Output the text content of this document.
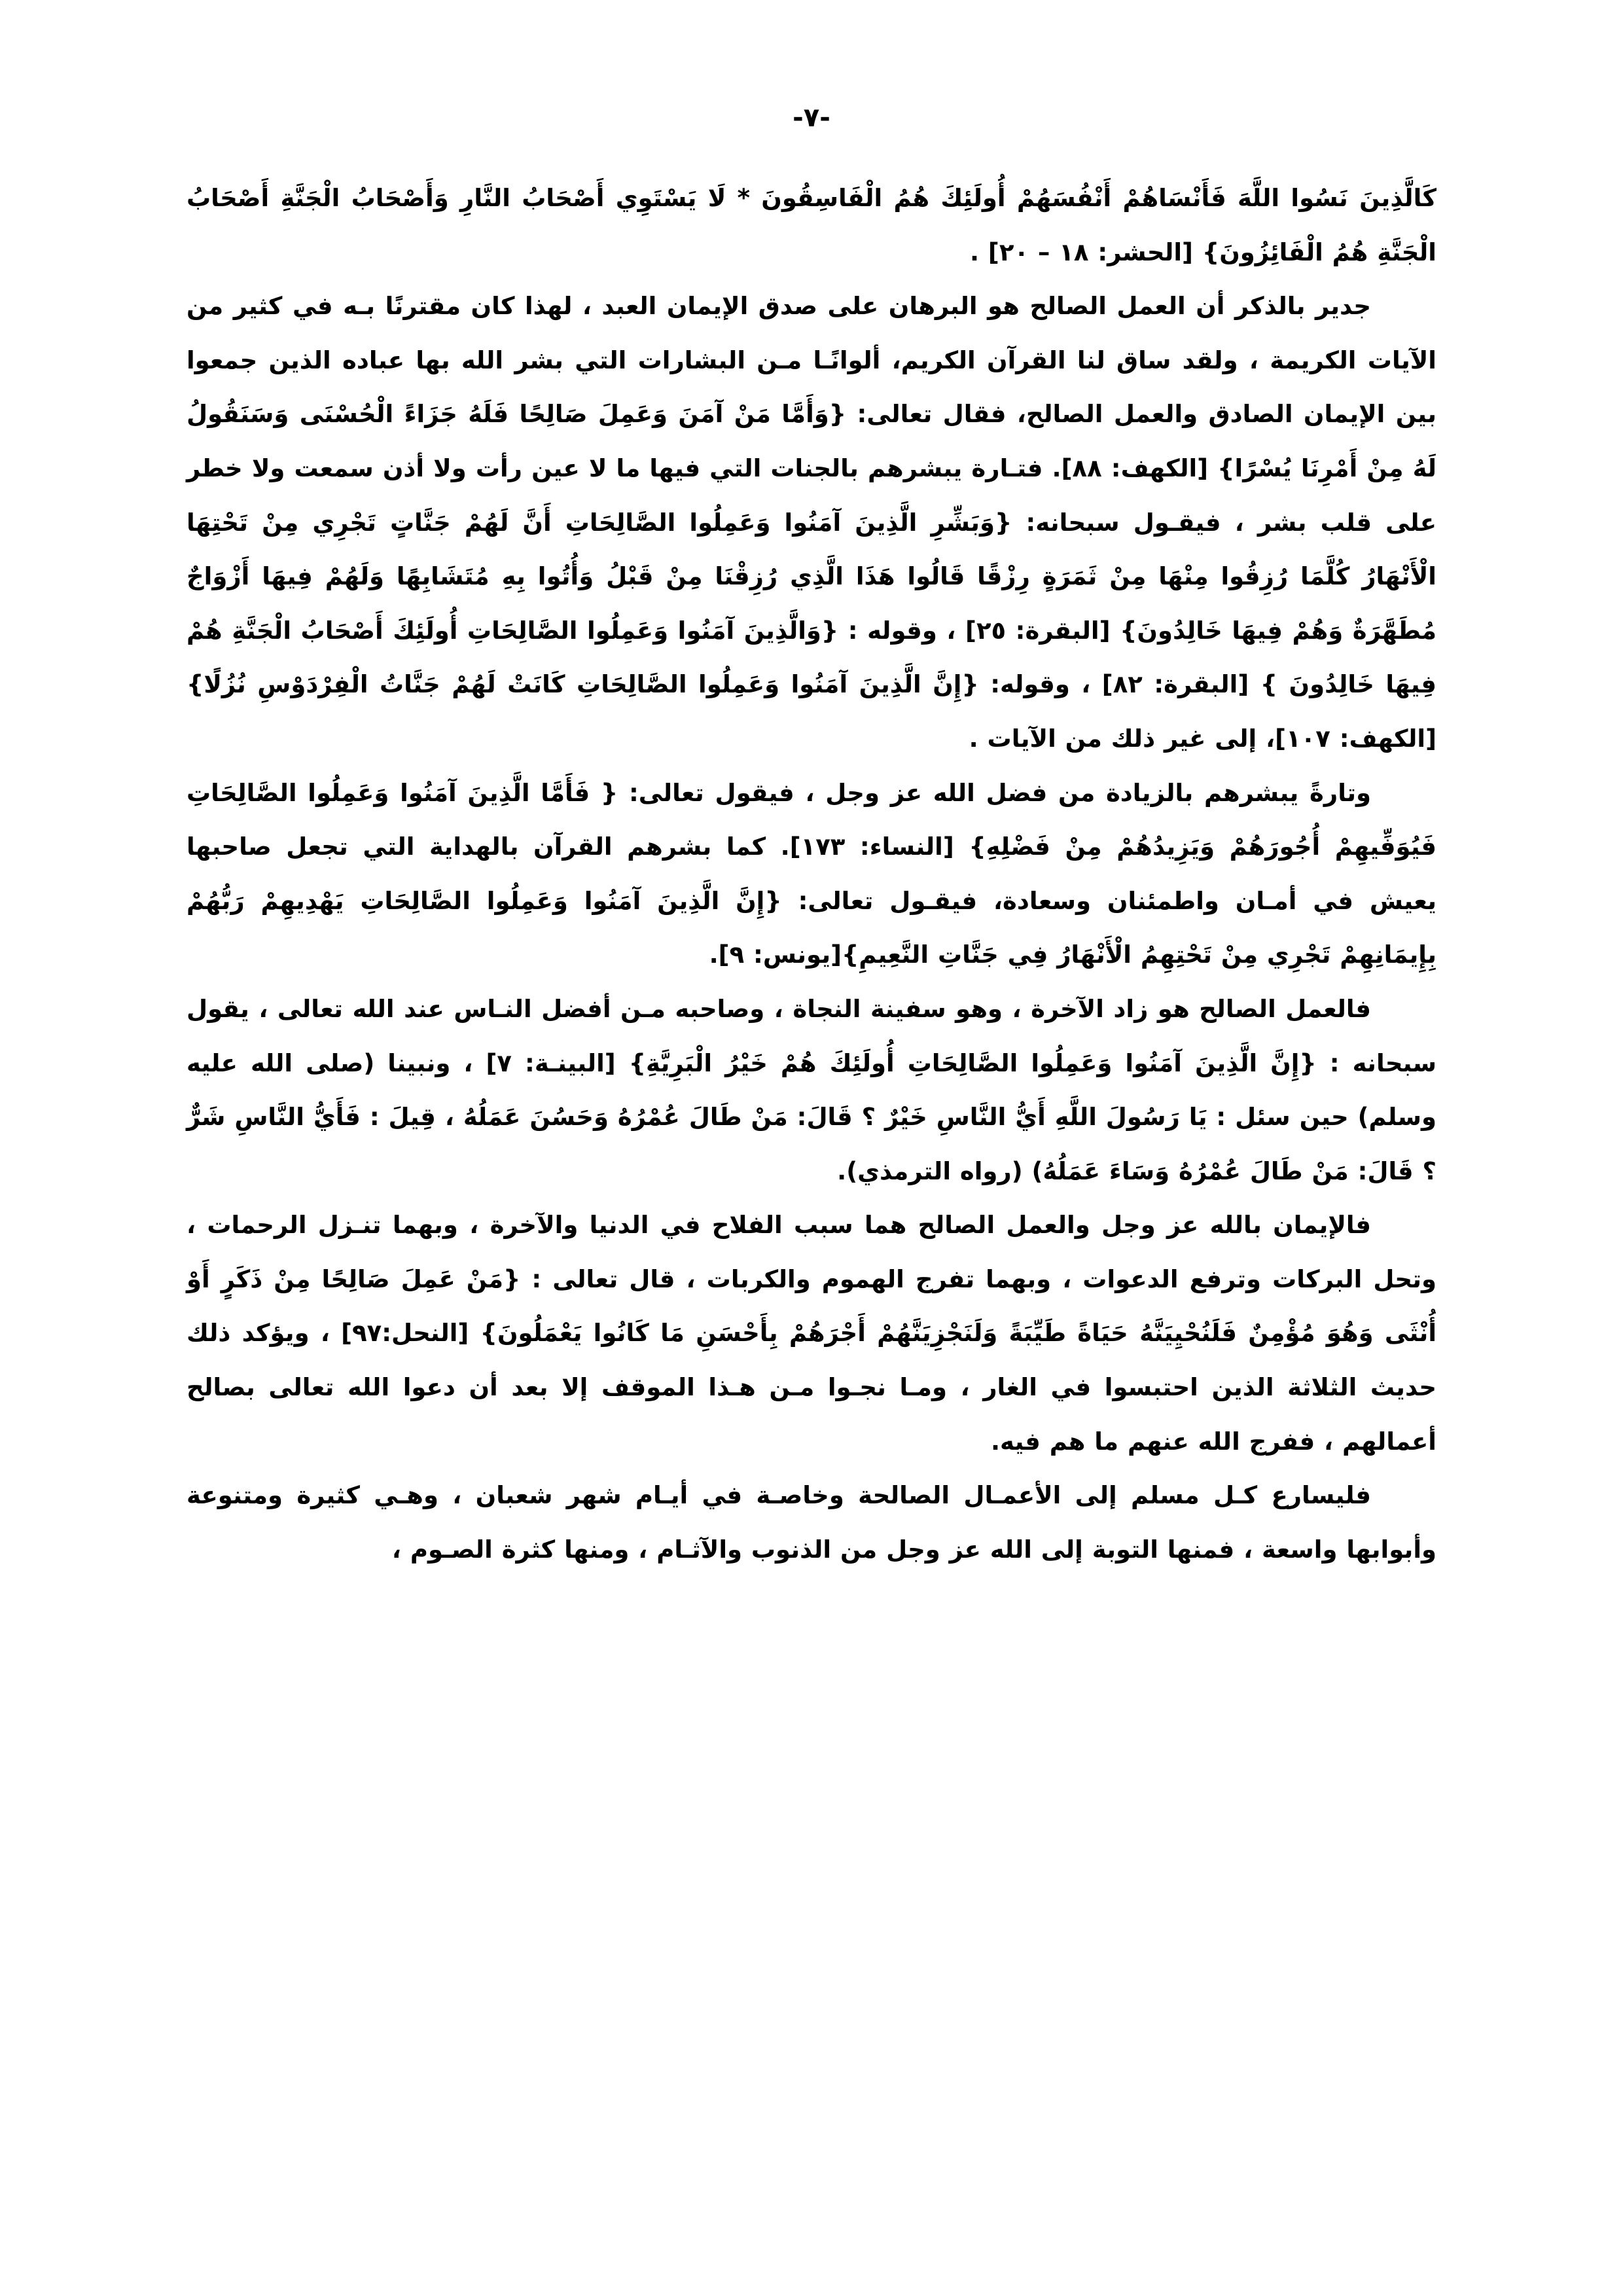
-٧-

كَالَّذِينَ نَسُوا اللَّهَ فَأَنْسَاهُمْ أَنْفُسَهُمْ أُولَئِكَ هُمُ الْفَاسِقُونَ * لَا يَسْتَوِي أَصْحَابُ النَّارِ وَأَصْحَابُ الْجَنَّةِ أَصْحَابُ الْجَنَّةِ هُمُ الْفَائِزُونَ} [الحشر: ١٨ – ٢٠] .

جدير بالذكر أن العمل الصالح هو البرهان على صدق الإيمان العبد ، لهذا كان مقترنًا بـه في كثير من الآيات الكريمة ، ولقد ساق لنا القرآن الكريم، ألوانًـا مـن البشارات التي بشر الله بها عباده الذين جمعوا بين الإيمان الصادق والعمل الصالح، فقال تعالى: {وَأَمَّا مَنْ آمَنَ وَعَمِلَ صَالِحًا فَلَهُ جَزَاءً الْحُسْنَى وَسَنَقُولُ لَهُ مِنْ أَمْرِنَا يُسْرًا} [الكهف: ٨٨]. فتـارة يبشرهم بالجنات التي فيها ما لا عين رأت ولا أذن سمعت ولا خطر على قلب بشر ، فيقـول سبحانه: {وَبَشِّرِ الَّذِينَ آمَنُوا وَعَمِلُوا الصَّالِحَاتِ أَنَّ لَهُمْ جَنَّاتٍ تَجْرِي مِنْ تَحْتِهَا الْأَنْهَارُ كُلَّمَا رُزِقُوا مِنْهَا مِنْ ثَمَرَةٍ رِزْقًا قَالُوا هَذَا الَّذِي رُزِقْنَا مِنْ قَبْلُ وَأُتُوا بِهِ مُتَشَابِهًا وَلَهُمْ فِيهَا أَزْوَاجٌ مُطَهَّرَةٌ وَهُمْ فِيهَا خَالِدُونَ} [البقرة: ٢٥] ، وقوله : {وَالَّذِينَ آمَنُوا وَعَمِلُوا الصَّالِحَاتِ أُولَئِكَ أَصْحَابُ الْجَنَّةِ هُمْ فِيهَا خَالِدُونَ } [البقرة: ٨٢] ، وقوله: {إِنَّ الَّذِينَ آمَنُوا وَعَمِلُوا الصَّالِحَاتِ كَانَتْ لَهُمْ جَنَّاتُ الْفِرْدَوْسِ نُزُلًا} [الكهف: ١٠٧]، إلى غير ذلك من الآيات .

وتارةً يبشرهم بالزيادة من فضل الله عز وجل ، فيقول تعالى: { فَأَمَّا الَّذِينَ آمَنُوا وَعَمِلُوا الصَّالِحَاتِ فَيُوَفِّيهِمْ أُجُورَهُمْ وَيَزِيدُهُمْ مِنْ فَضْلِهِ} [النساء: ١٧٣]. كما بشرهم القرآن بالهداية التي تجعل صاحبها يعيش في أمـان واطمئنان وسعادة، فيقـول تعالى: {إِنَّ الَّذِينَ آمَنُوا وَعَمِلُوا الصَّالِحَاتِ يَهْدِيهِمْ رَبُّهُمْ بِإِيمَانِهِمْ تَجْرِي مِنْ تَحْتِهِمُ الْأَنْهَارُ فِي جَنَّاتِ النَّعِيمِ}[يونس: ٩].

فالعمل الصالح هو زاد الآخرة ، وهو سفينة النجاة ، وصاحبه مـن أفضل النـاس عند الله تعالى ، يقول سبحانه : {إِنَّ الَّذِينَ آمَنُوا وَعَمِلُوا الصَّالِحَاتِ أُولَئِكَ هُمْ خَيْرُ الْبَرِيَّةِ} [البينـة: ٧] ، ونبينا (صلى الله عليه وسلم) حين سئل : يَا رَسُولَ اللَّهِ أَيُّ النَّاسِ خَيْرٌ ؟ قَالَ: مَنْ طَالَ عُمْرُهُ وَحَسُنَ عَمَلُهُ ، قِيلَ : فَأَيُّ النَّاسِ شَرٌّ ؟ قَالَ: مَنْ طَالَ عُمْرُهُ وَسَاءَ عَمَلُهُ) (رواه الترمذي).

فالإيمان بالله عز وجل والعمل الصالح هما سبب الفلاح في الدنيا والآخرة ، وبهما تنـزل الرحمات ، وتحل البركات وترفع الدعوات ، وبهما تفرج الهموم والكربات ، قال تعالى : {مَنْ عَمِلَ صَالِحًا مِنْ ذَكَرٍ أَوْ أُنْثَى وَهُوَ مُؤْمِنٌ فَلَنُحْيِيَنَّهُ حَيَاةً طَيِّبَةً وَلَنَجْزِيَنَّهُمْ أَجْرَهُمْ بِأَحْسَنِ مَا كَانُوا يَعْمَلُونَ} [النحل:٩٧] ، ويؤكد ذلك حديث الثلاثة الذين احتبسوا في الغار ، ومـا نجـوا مـن هـذا الموقف إلا بعد أن دعوا الله تعالى بصالح أعمالهم ، ففرج الله عنهم ما هم فيه.

فليسارع كـل مسلم إلى الأعمـال الصالحة وخاصـة في أيـام شهر شعبان ، وهـي كثيرة ومتنوعة وأبوابها واسعة ، فمنها التوبة إلى الله عز وجل من الذنوب والآثـام ، ومنها كثرة الصـوم ،
